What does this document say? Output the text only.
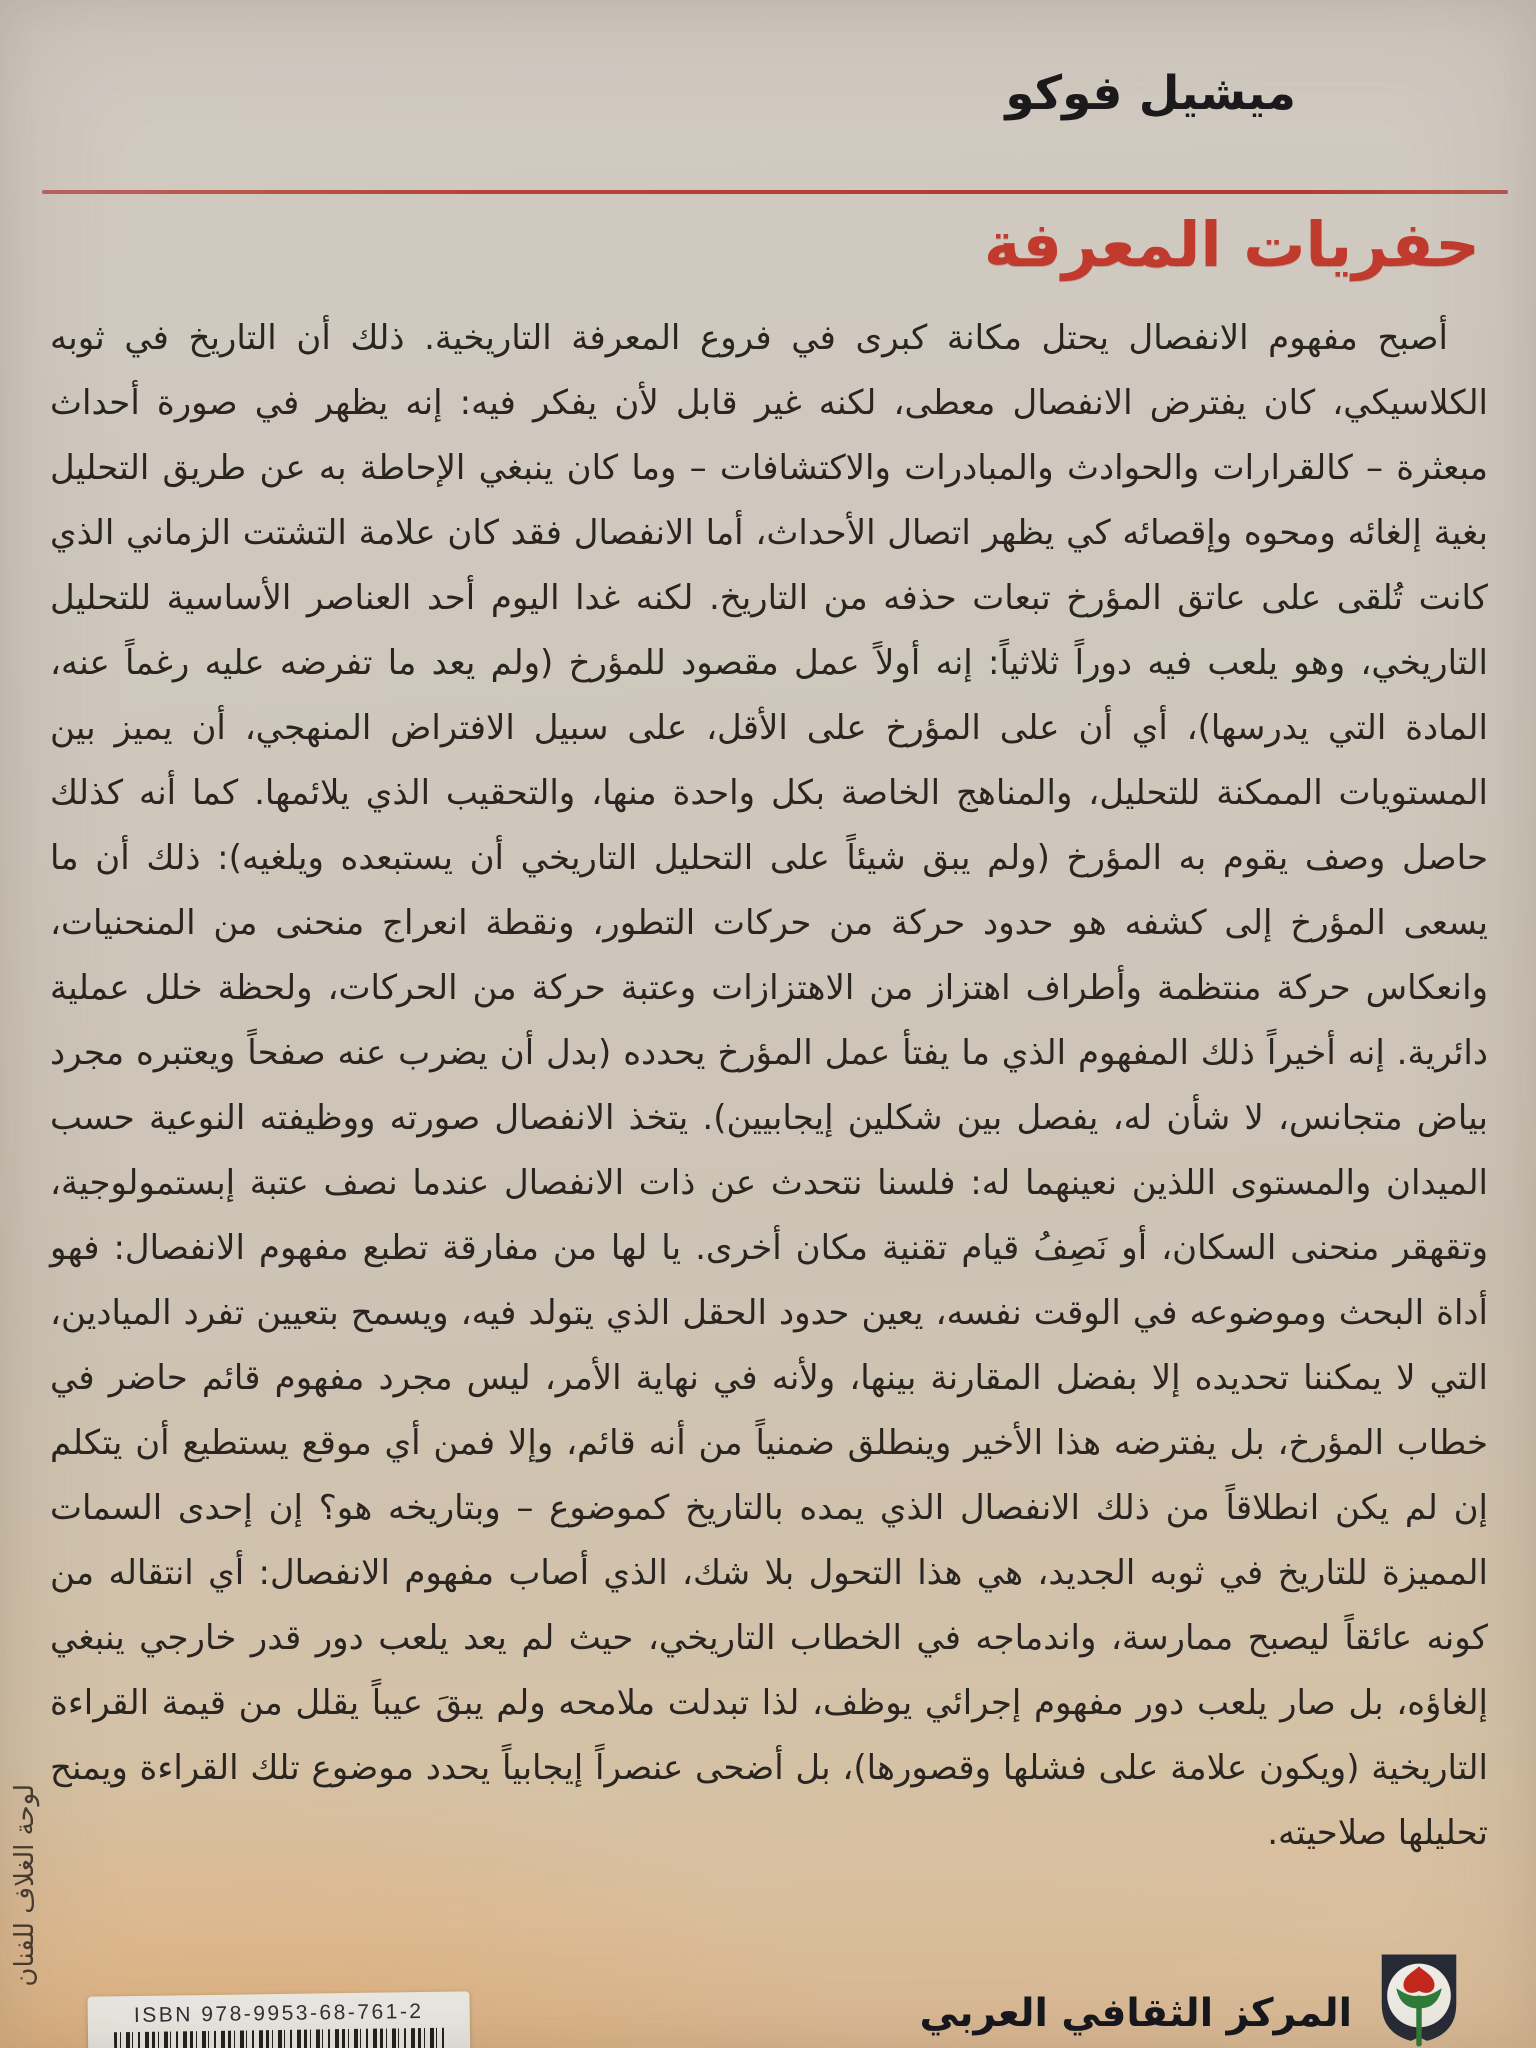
ميشيل فوكو
حفريات المعرفة
أصبح مفهوم الانفصال يحتل مكانة كبرى في فروع المعرفة التاريخية. ذلك أن التاريخ في ثوبه الكلاسيكي، كان يفترض الانفصال معطى، لكنه غير قابل لأن يفكر فيه: إنه يظهر في صورة أحداث مبعثرة – كالقرارات والحوادث والمبادرات والاكتشافات – وما كان ينبغي الإحاطة به عن طريق التحليل بغية إلغائه ومحوه وإقصائه كي يظهر اتصال الأحداث، أما الانفصال فقد كان علامة التشتت الزماني الذي كانت تُلقى على عاتق المؤرخ تبعات حذفه من التاريخ. لكنه غدا اليوم أحد العناصر الأساسية للتحليل التاريخي، وهو يلعب فيه دوراً ثلاثياً: إنه أولاً عمل مقصود للمؤرخ (ولم يعد ما تفرضه عليه رغماً عنه، المادة التي يدرسها)، أي أن على المؤرخ على الأقل، على سبيل الافتراض المنهجي، أن يميز بين المستويات الممكنة للتحليل، والمناهج الخاصة بكل واحدة منها، والتحقيب الذي يلائمها. كما أنه كذلك حاصل وصف يقوم به المؤرخ (ولم يبق شيئاً على التحليل التاريخي أن يستبعده ويلغيه): ذلك أن ما يسعى المؤرخ إلى كشفه هو حدود حركة من حركات التطور، ونقطة انعراج منحنى من المنحنيات، وانعكاس حركة منتظمة وأطراف اهتزاز من الاهتزازات وعتبة حركة من الحركات، ولحظة خلل عملية دائرية. إنه أخيراً ذلك المفهوم الذي ما يفتأ عمل المؤرخ يحدده (بدل أن يضرب عنه صفحاً ويعتبره مجرد بياض متجانس، لا شأن له، يفصل بين شكلين إيجابيين). يتخذ الانفصال صورته ووظيفته النوعية حسب الميدان والمستوى اللذين نعينهما له: فلسنا نتحدث عن ذات الانفصال عندما نصف عتبة إبستمولوجية، وتقهقر منحنى السكان، أو نَصِفُ قيام تقنية مكان أخرى. يا لها من مفارقة تطبع مفهوم الانفصال: فهو أداة البحث وموضوعه في الوقت نفسه، يعين حدود الحقل الذي يتولد فيه، ويسمح بتعيين تفرد الميادين، التي لا يمكننا تحديده إلا بفضل المقارنة بينها، ولأنه في نهاية الأمر، ليس مجرد مفهوم قائم حاضر في خطاب المؤرخ، بل يفترضه هذا الأخير وينطلق ضمنياً من أنه قائم، وإلا فمن أي موقع يستطيع أن يتكلم إن لم يكن انطلاقاً من ذلك الانفصال الذي يمده بالتاريخ كموضوع – وبتاريخه هو؟ إن إحدى السمات المميزة للتاريخ في ثوبه الجديد، هي هذا التحول بلا شك، الذي أصاب مفهوم الانفصال: أي انتقاله من كونه عائقاً ليصبح ممارسة، واندماجه في الخطاب التاريخي، حيث لم يعد يلعب دور قدر خارجي ينبغي إلغاؤه، بل صار يلعب دور مفهوم إجرائي يوظف، لذا تبدلت ملامحه ولم يبقَ عيباً يقلل من قيمة القراءة التاريخية (ويكون علامة على فشلها وقصورها)، بل أضحى عنصراً إيجابياً يحدد موضوع تلك القراءة ويمنح تحليلها صلاحيته.
لوحة الغلاف للفنان
ISBN 978-9953-68-761-2	المركز الثقافي العربي
